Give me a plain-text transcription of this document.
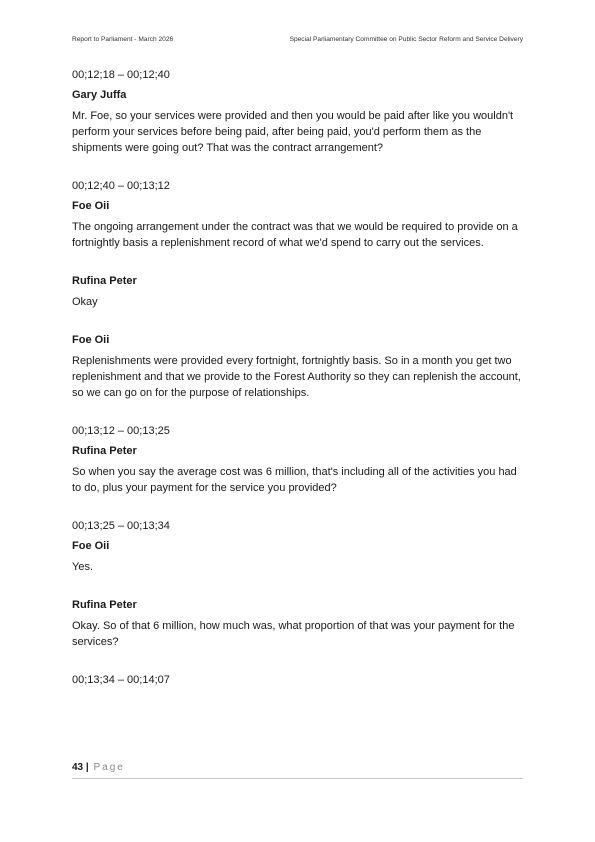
Report to Parliament - March 2026	Special Parliamentary Committee on Public Sector Reform and Service Delivery

00;12;18 – 00;12;40

Gary Juffa

Mr. Foe, so your services were provided and then you would be paid after like you wouldn't perform your services before being paid, after being paid, you'd perform them as the shipments were going out? That was the contract arrangement?

00;12;40 – 00;13;12

Foe Oii

The ongoing arrangement under the contract was that we would be required to provide on a fortnightly basis a replenishment record of what we'd spend to carry out the services.

Rufina Peter

Okay

Foe Oii

Replenishments were provided every fortnight, fortnightly basis. So in a month you get two replenishment and that we provide to the Forest Authority so they can replenish the account, so we can go on for the purpose of relationships.

00;13;12 – 00;13;25

Rufina Peter

So when you say the average cost was 6 million, that's including all of the activities you had to do, plus your payment for the service you provided?

00;13;25 – 00;13;34

Foe Oii

Yes.

Rufina Peter

Okay. So of that 6 million, how much was, what proportion of that was your payment for the services?

00;13;34 – 00;14;07

43 | Page
